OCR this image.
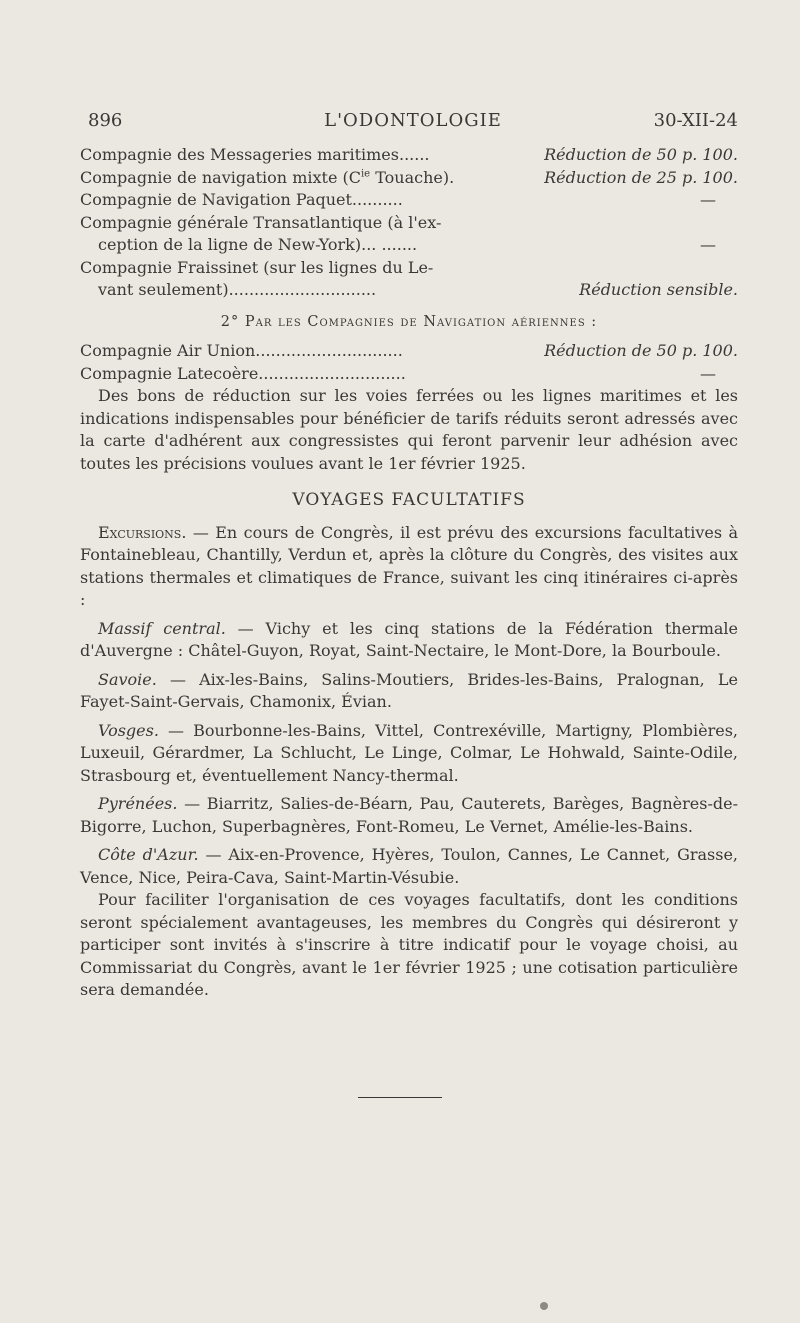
896	L'ODONTOLOGIE	30-XII-24
Compagnie des Messageries maritimes......	Réduction de 50 p. 100.
Compagnie de navigation mixte ($C^{ie}$ Touache).	Réduction de 25 p. 100.
Compagnie de Navigation Paquet..........	—
Compagnie générale Transatlantique (à l'ex-
ception de la ligne de New-York)... .......	—
Compagnie Fraissinet (sur les lignes du Le-
vant seulement).............................	Réduction sensible.
2° Par les Compagnies de Navigation aériennes :
Compagnie Air Union.............................	Réduction de 50 p. 100.
Compagnie Latecoère.............................	—

Des bons de réduction sur les voies ferrées ou les lignes maritimes et les indications indispensables pour bénéficier de tarifs réduits seront adressés avec la carte d'adhérent aux congressistes qui feront parvenir leur adhésion avec toutes les précisions voulues avant le 1er février 1925.

VOYAGES FACULTATIFS

Excursions. — En cours de Congrès, il est prévu des excursions facultatives à Fontainebleau, Chantilly, Verdun et, après la clôture du Congrès, des visites aux stations thermales et climatiques de France, suivant les cinq itinéraires ci-après :

Massif central. — Vichy et les cinq stations de la Fédération thermale d'Auvergne : Châtel-Guyon, Royat, Saint-Nectaire, le Mont-Dore, la Bourboule.

Savoie. — Aix-les-Bains, Salins-Moutiers, Brides-les-Bains, Pralognan, Le Fayet-Saint-Gervais, Chamonix, Évian.

Vosges. — Bourbonne-les-Bains, Vittel, Contrexéville, Martigny, Plombières, Luxeuil, Gérardmer, La Schlucht, Le Linge, Colmar, Le Hohwald, Sainte-Odile, Strasbourg et, éventuellement Nancy-thermal.

Pyrénées. — Biarritz, Salies-de-Béarn, Pau, Cauterets, Barèges, Bagnères-de-Bigorre, Luchon, Superbagnères, Font-Romeu, Le Vernet, Amélie-les-Bains.

Côte d'Azur. — Aix-en-Provence, Hyères, Toulon, Cannes, Le Cannet, Grasse, Vence, Nice, Peira-Cava, Saint-Martin-Vésubie.

Pour faciliter l'organisation de ces voyages facultatifs, dont les conditions seront spécialement avantageuses, les membres du Congrès qui désireront y participer sont invités à s'inscrire à titre indicatif pour le voyage choisi, au Commissariat du Congrès, avant le 1er février 1925 ; une cotisation particulière sera demandée.
